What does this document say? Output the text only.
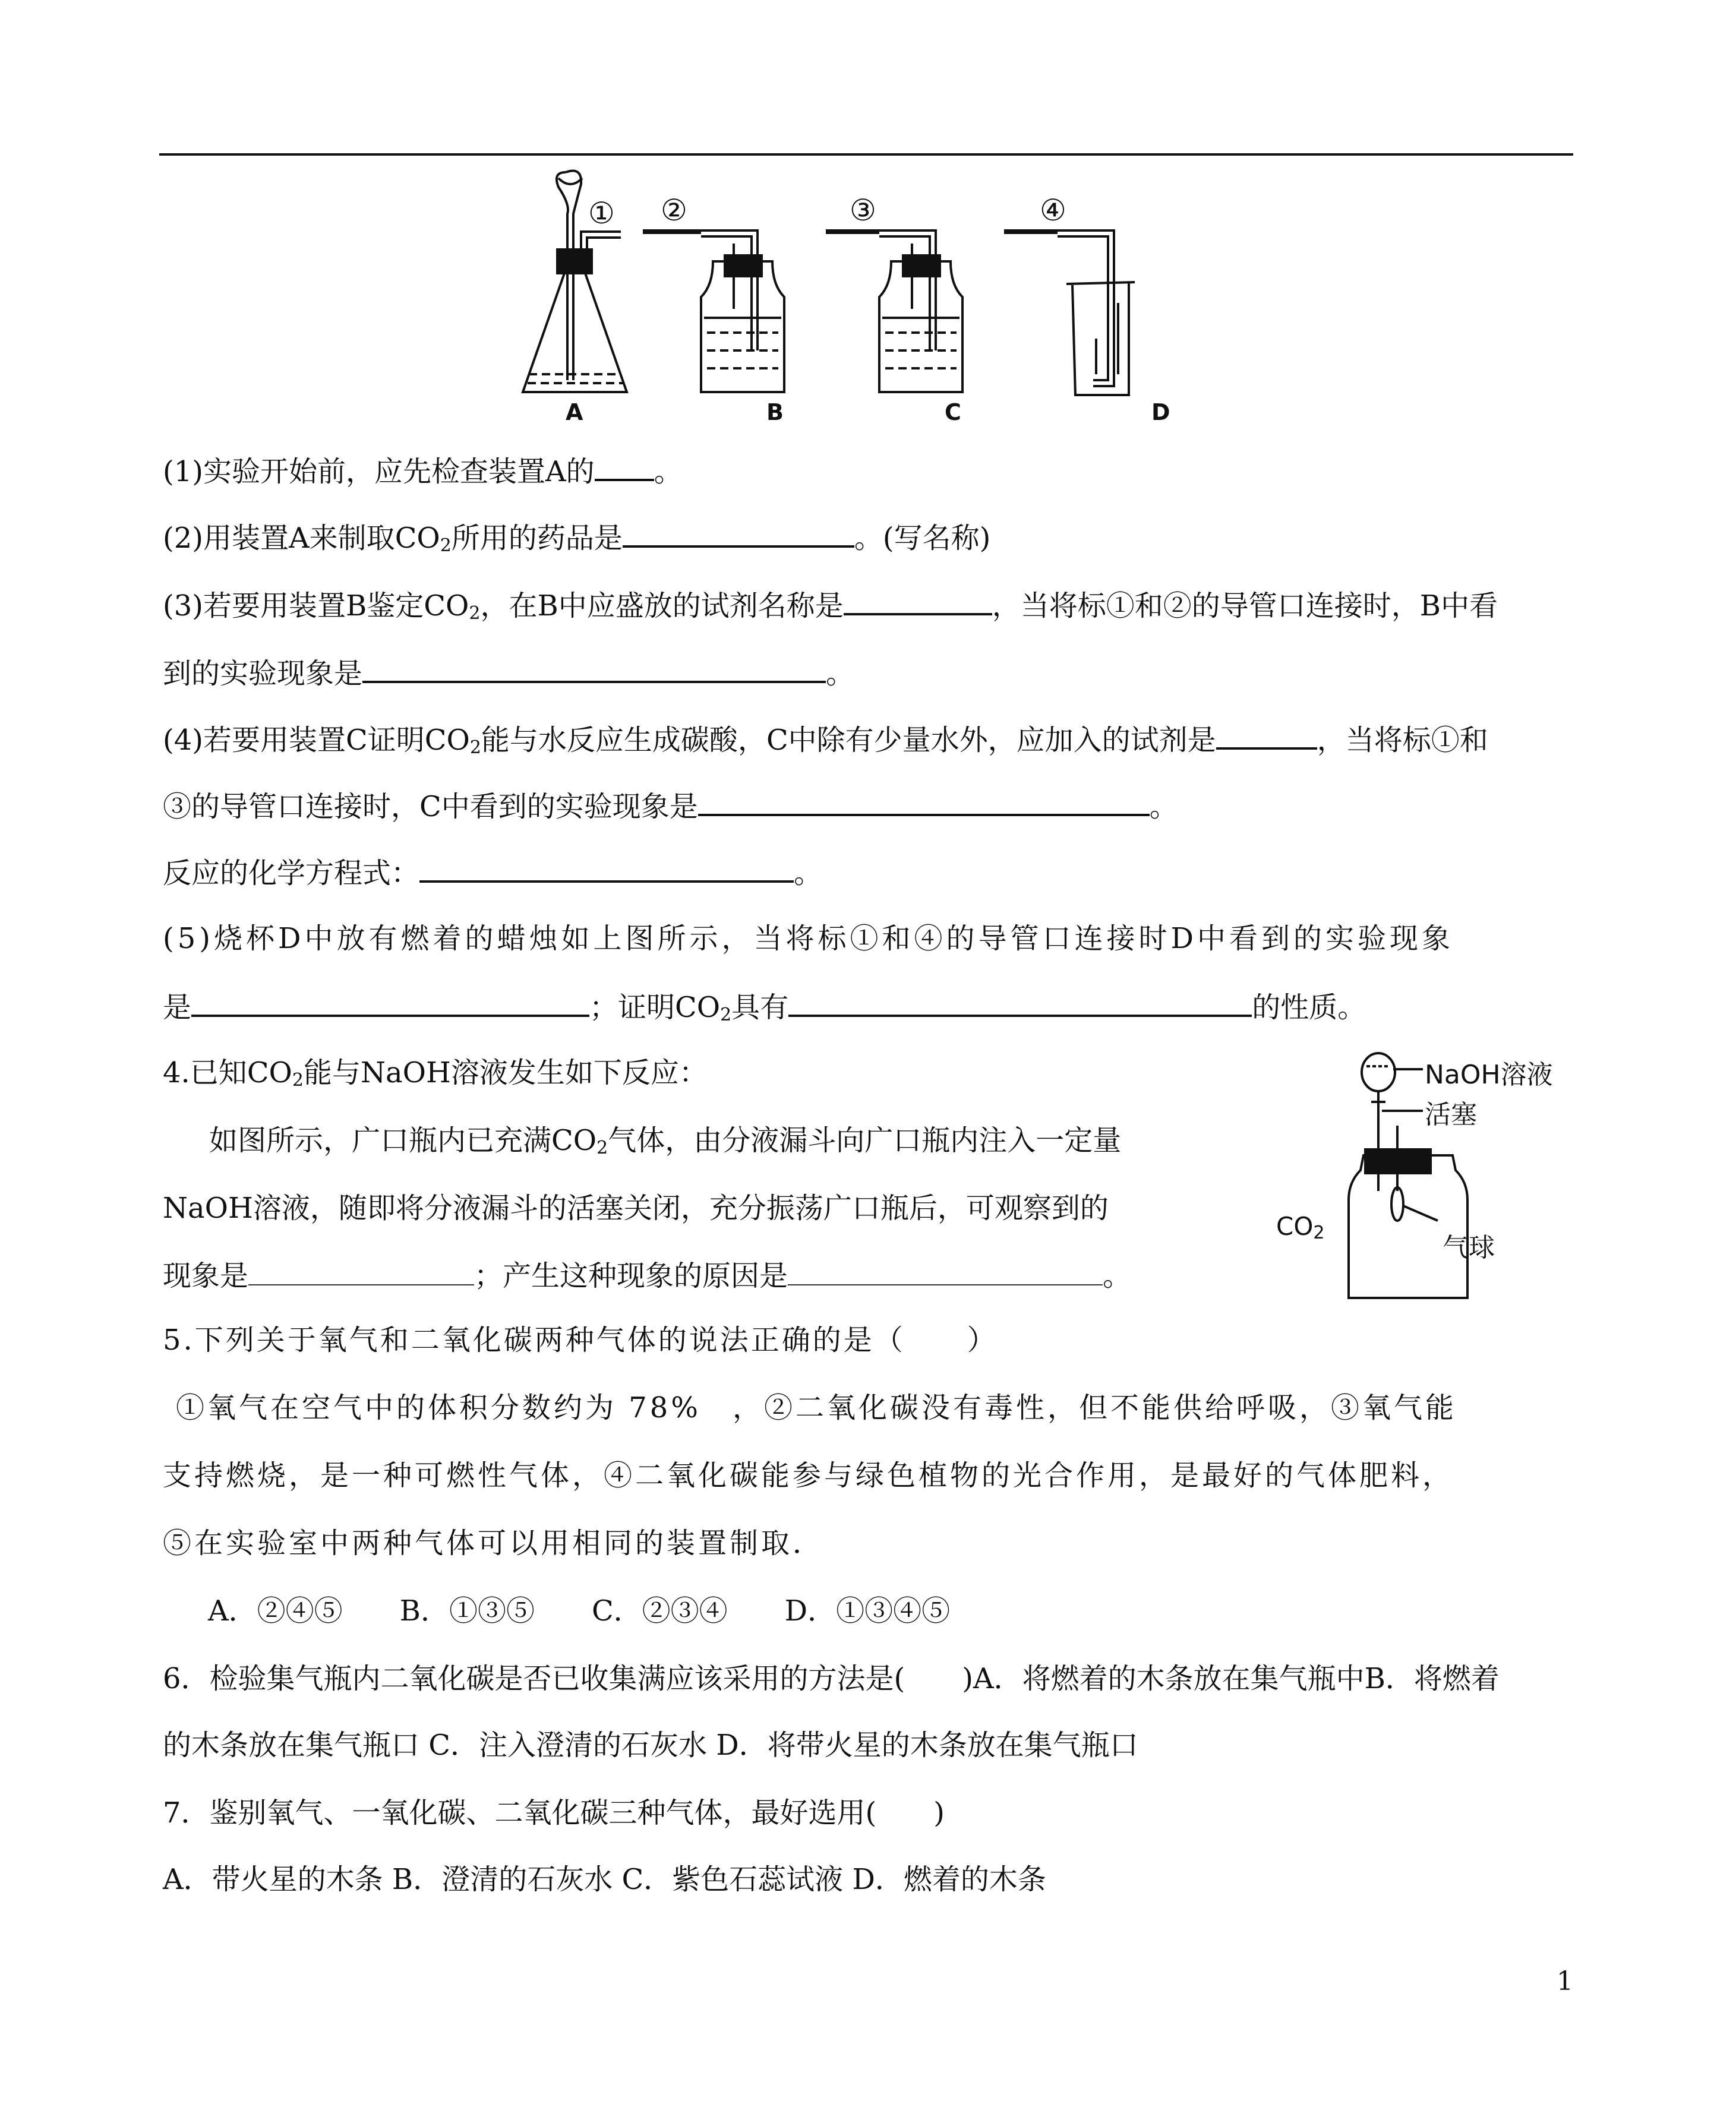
A	B	C	D
① ②	③	④
(1)实验开始前，应先检查装置A的 。
(2)用装置A来制取$CO_2$所用的药品是	。(写名称)
(3)若要用装置B鉴定$CO_2$，在B中应盛放的试剂名称是	，当将标①和②的导管口连接时，B中看
到的实验现象是	。
(4)若要用装置C证明$CO_2$能与水反应生成碳酸，C中除有少量水外，应加入的试剂是	，当将标①和
③的导管口连接时，C中看到的实验现象是	。
反应的化学方程式：	。
(5)烧杯D中放有燃着的蜡烛如上图所示，当将标①和④的导管口连接时D中看到的实验现象
是	；证明$CO_2$具有	的性质。
4.已知$CO_2$能与NaOH溶液发生如下反应：
如图所示，广口瓶内已充满$CO_2$气体，由分液漏斗向广口瓶内注入一定量
NaOH溶液，随即将分液漏斗的活塞关闭，充分振荡广口瓶后，可观察到的
现象是	；产生这种现象的原因是	。
NaOH溶液
活塞
$CO_2$	气球
5.下列关于氧气和二氧化碳两种气体的说法正确的是（　　）
①氧气在空气中的体积分数约为 78%　，②二氧化碳没有毒性，但不能供给呼吸，③氧气能
支持燃烧，是一种可燃性气体，④二氧化碳能参与绿色植物的光合作用，是最好的气体肥料，
⑤在实验室中两种气体可以用相同的装置制取．
A．②④⑤　　B．①③⑤　　C．②③④　　D．①③④⑤
6．检验集气瓶内二氧化碳是否已收集满应该采用的方法是(　　)A．将燃着的木条放在集气瓶中B．将燃着
的木条放在集气瓶口 C．注入澄清的石灰水 D．将带火星的木条放在集气瓶口
7．鉴别氧气、一氧化碳、二氧化碳三种气体，最好选用(　　)
A．带火星的木条 B．澄清的石灰水 C．紫色石蕊试液 D．燃着的木条
1
